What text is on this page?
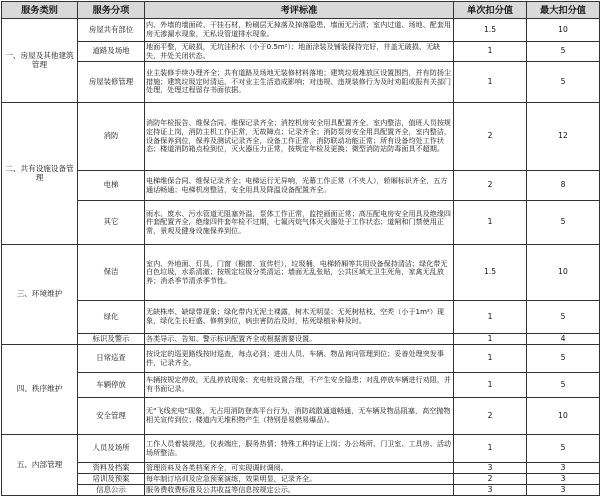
服务类别	服务分项	考评标准	单次扣分值	最大扣分值
一、房屋及其他建筑管理	房屋共有部位	内、外墙的墙面砖、干挂石材，粉刷层无掉落及掉落隐患，墙面无污渍；室内过道、场地、配套用房无渗漏水现象，无私设管道排水现象。	1.5	10
	道路及场地	地面平整，无破损，无坑洼积水（小于0.5m²）；地面涂装及铺装保持完好，井盖无破损、无缺失，井处关闭状态。	1	5
	房屋装修管理	业主装修手续办理齐全；共有道路及场地无装修材料落地；建筑垃圾堆放区设置围挡，并有防扬尘措施；建筑垃圾定时清运，不对业主生活造成影响；对违规、违规装修行为及时劝阻或报有关部门处理，处理过程留存书面依据。	1	5
二、共有设施设备管理	消防	消防年检报告、维保合同、维保记录齐全；消控机房安全用具配置齐全，室内整洁，值班人员按规定持证上岗，消防主机工作正常，无故障点；记录齐全；消防泵房安全用具配置齐全，室内整洁，设备保养到位，保养及测试记录齐全，设备工作正常，消防联动功能正常；所有设备均处工作状态；楼道消防箱点检到位，灭火器压力正常，按规定年检及更换；微型消防站防毒面具不超期。	2	12
	电梯	电梯维保合同、维保记录齐全；电梯运行无异响，光幕工作正常（不夹人），轿厢标识齐全，五方通话畅通；电梯机房整洁，安全用具及降温设备配置齐全。	2	8
	其它	雨水、废水、污水管道无阻塞外溢，泵体工作正常，监控画面正常；高压配电房安全用具及绝缘四件套配置齐全，绝缘四件套年检不过期，七氟丙烷气体灭火器处于工作状态；道闸和门禁使用正常，景观及健身设施保养到位。	1	5
三、环境维护	保洁	室内、外地面、灯具，门窗（橱窗、宣传栏），垃圾桶，电梯轿厢等共用设备保持清洁；绿化带无白色垃圾，水系清澈；按规定垃圾分类清运；墙面无乱张贴，公共区域无卫生死角，家禽无乱放养；消杀季节清杀季节性。	1.5	10
	绿化	无缺株率、缺绿带现象；绿化带内无泥土裸露，树木无明显；无死树枯枝、空秃（小于1m²）现象，绿化生长旺盛、修剪到位，病虫害防治及时，枯死绿植补种及时。	1	5
	标识及警示	各类导示、告知、警示标识配置齐全或根据需要设置。	1	4
四、秩序维护	日常巡查	按设定的巡更路线按时巡查，每点必到；进出人员、车辆、物品询问管理到位；妥善处理突发事件，记录齐全。	1	5
	车辆停放	车辆按规定停放，无乱停放现象；充电桩设置合理，不产生安全隐患；对乱停放车辆进行劝阻，并有书面记录。	1	5
	安全管理	无"飞线充电"现象，无占用消防登高平台行为，消防疏散通道畅通，无车辆及物品阻塞，高空抛物相关宣传到位；楼道内无堆积物产生（特别是易燃易爆品）。	2	10
五、内部管理	人员及场所	工作人员着装规范，仪表端庄，服务热情；特殊工种持证上岗；办公场所、门卫室、工具房、活动场所整洁。	1	5
	资料及档案	管理资料及各类档案齐全，可实现调时调阅。	3	3
	培训及预案	每年制订培训及应急预案演练，效果明显，记录齐全。	2	3
	信息公示	服务费收费标准及公共收益等信息按规定公示。	3	3
